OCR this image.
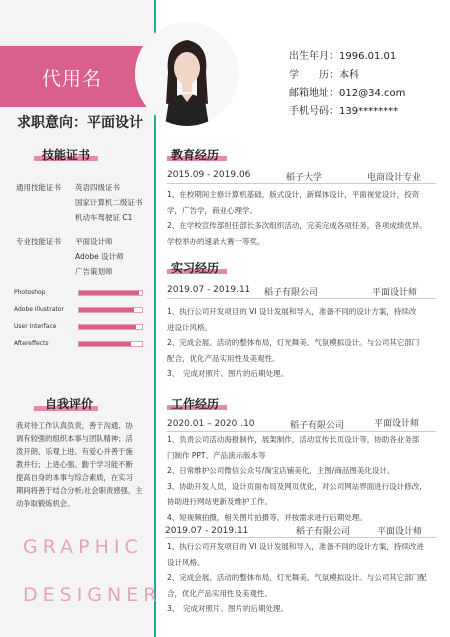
代用名
出生年月：1996.01.01
学　　历：本科
邮箱地址：012@34.com
手机号码：139********
求职意向：平面设计
技能证书
通用技能证书 英语四级证书
国家计算机二级证书
机动车驾驶证 C1
专业技能证书 平面设计师
Adobe 设计师
广告策划师
Photoshop
Adobe Illustrator
User Interface
Aftereffects
自我评价
我对待工作认真负责，善于沟通、协
调有较强的组织本事与团队精神；活
泼开朗、乐观上进、有爱心并善于施
教并行；上进心强、勤于学习能不断
提高自身的本事与综合素质，在实习
期间将善于结合分析;社会职责感强，主
动争取锻炼机会。
GRAPHIC
DESIGNER
教育经历
2015.09 - 2019.06	稻子大学	电商设计专业
1、在校期间主修计算机基础，版式设计，新媒体设计，平面视觉设计，投资
学，广告学，商业心理学。
2、在学校宣传部担任部长多次组织活动，完美完成各项任务，各项成绩优异。
学校举办的速录大赛一等奖。
实习经历
2019.07 - 2019.11 稻子有限公司	平面设计师
1、执行公司开发项目的 VI 设计发展和导入，准备不同的设计方案，持续改
进设计风格。
2、完成会展、活动的整体布局，灯光舞美、气氛模拟设计。与公司其它部门
配合，优化产品实用性及美观性。
3、　完成对照片、图片的后期处理。
工作经历
2020.01 – 2020 .10	稻子有限公司	平面设计师
1、负责公司活动海报制作，展架制作，活动宣传长页设计等，协助各业务部
门制作 PPT、产品演示版本等
2、日常维护公司微信公众号/淘宝店铺美化，主图/商品图美化设计。
3、协助开发人员，设计页面布局及网页优化，对公司网站界面进行设计修改,
协助进行网站更新及维护工作。
4、短视频拍摄，相关图片拍摄等，并按需求进行后期处理。
2019.07 - 2019.11	稻子有限公司	平面设计师
1、执行公司开发项目的 VI 设计发展和导入，准备不同的设计方案，持续改进
设计风格。
2、完成会展、活动的整体布局，灯光舞美、气氛模拟设计。与公司其它部门配
合，优化产品实用性及美观性。
3、　完成对照片、图片的后期处理。
